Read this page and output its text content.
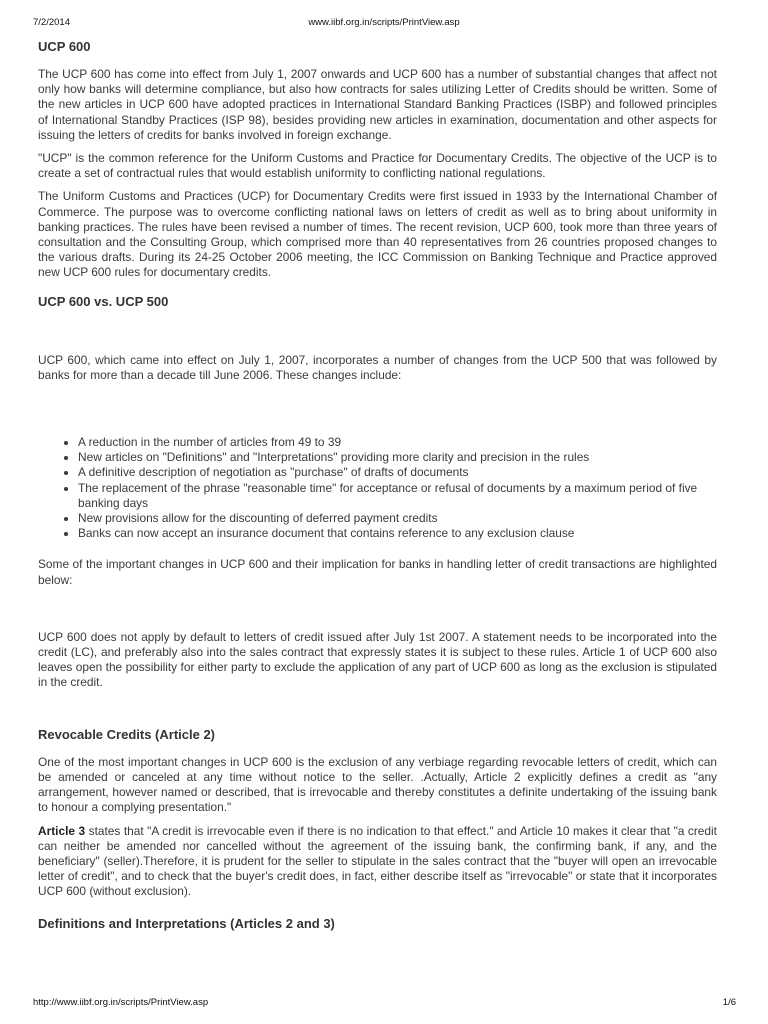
7/2/2014	www.iibf.org.in/scripts/PrintView.asp

UCP 600

The UCP 600 has come into effect from July 1, 2007 onwards and UCP 600 has a number of substantial changes that affect not only how banks will determine compliance, but also how contracts for sales utilizing Letter of Credits should be written. Some of the new articles in UCP 600 have adopted practices in International Standard Banking Practices (ISBP) and followed principles of International Standby Practices (ISP 98), besides providing new articles in examination, documentation and other aspects for issuing the letters of credits for banks involved in foreign exchange.

"UCP" is the common reference for the Uniform Customs and Practice for Documentary Credits. The objective of the UCP is to create a set of contractual rules that would establish uniformity to conflicting national regulations.

The Uniform Customs and Practices (UCP) for Documentary Credits were first issued in 1933 by the International Chamber of Commerce. The purpose was to overcome conflicting national laws on letters of credit as well as to bring about uniformity in banking practices. The rules have been revised a number of times. The recent revision, UCP 600, took more than three years of consultation and the Consulting Group, which comprised more than 40 representatives from 26 countries proposed changes to the various drafts. During its 24-25 October 2006 meeting, the ICC Commission on Banking Technique and Practice approved new UCP 600 rules for documentary credits.

UCP 600 vs. UCP 500

UCP 600, which came into effect on July 1, 2007, incorporates a number of changes from the UCP 500 that was followed by banks for more than a decade till June 2006. These changes include:

• A reduction in the number of articles from 49 to 39
• New articles on "Definitions" and "Interpretations" providing more clarity and precision in the rules
• A definitive description of negotiation as "purchase" of drafts of documents
• The replacement of the phrase "reasonable time" for acceptance or refusal of documents by a maximum period of five banking days
• New provisions allow for the discounting of deferred payment credits
• Banks can now accept an insurance document that contains reference to any exclusion clause

Some of the important changes in UCP 600 and their implication for banks in handling letter of credit transactions are highlighted below:

UCP 600 does not apply by default to letters of credit issued after July 1st 2007. A statement needs to be incorporated into the credit (LC), and preferably also into the sales contract that expressly states it is subject to these rules. Article 1 of UCP 600 also leaves open the possibility for either party to exclude the application of any part of UCP 600 as long as the exclusion is stipulated in the credit.

Revocable Credits (Article 2)

One of the most important changes in UCP 600 is the exclusion of any verbiage regarding revocable letters of credit, which can be amended or canceled at any time without notice to the seller. .Actually, Article 2 explicitly defines a credit as "any arrangement, however named or described, that is irrevocable and thereby constitutes a definite undertaking of the issuing bank to honour a complying presentation."

Article 3 states that "A credit is irrevocable even if there is no indication to that effect." and Article 10 makes it clear that "a credit can neither be amended nor cancelled without the agreement of the issuing bank, the confirming bank, if any, and the beneficiary" (seller).Therefore, it is prudent for the seller to stipulate in the sales contract that the "buyer will open an irrevocable letter of credit", and to check that the buyer's credit does, in fact, either describe itself as "irrevocable" or state that it incorporates UCP 600 (without exclusion).

Definitions and Interpretations (Articles 2 and 3)

http://www.iibf.org.in/scripts/PrintView.asp	1/6
